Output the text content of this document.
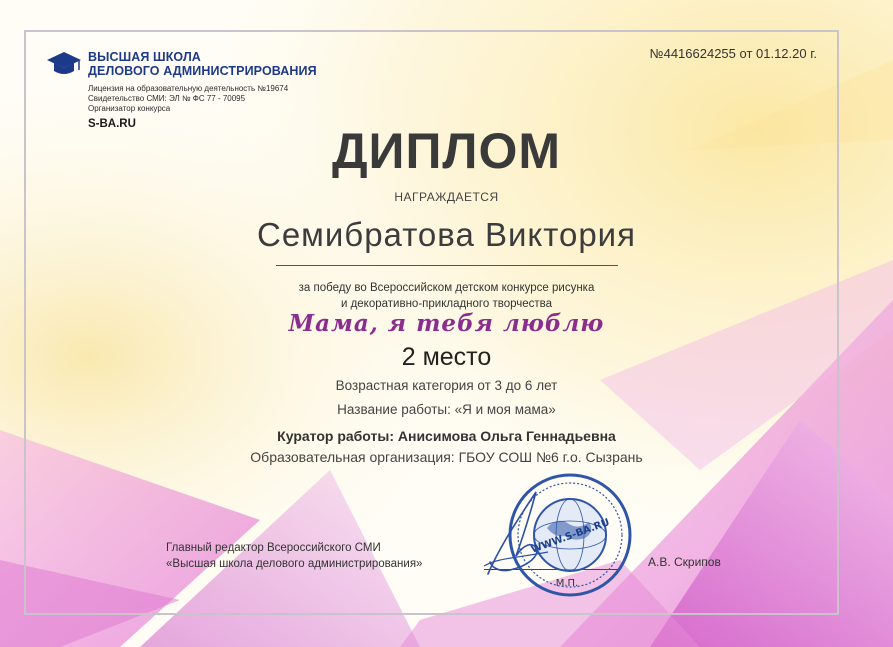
ВЫСШАЯ ШКОЛА
ДЕЛОВОГО АДМИНИСТРИРОВАНИЯ
Лицензия на образовательную деятельность №19674
Свидетельство СМИ: ЭЛ № ФС 77 - 70095
Организатор конкурса
S-BA.RU
№4416624255 от 01.12.20 г.
ДИПЛОМ
НАГРАЖДАЕТСЯ
Семибратова Виктория
за победу во Всероссийском детском конкурсе рисунка
и декоративно-прикладного творчества
Мама, я тебя люблю
2 место
Возрастная категория от 3 до 6 лет
Название работы: «Я и моя мама»
Куратор работы: Анисимова Ольга Геннадьевна
Образовательная организация: ГБОУ СОШ №6 г.о. Сызрань
Главный редактор Всероссийского СМИ
«Высшая школа делового администрирования»
WWW.S-BA.RU
М.П.
А.В. Скрипов
